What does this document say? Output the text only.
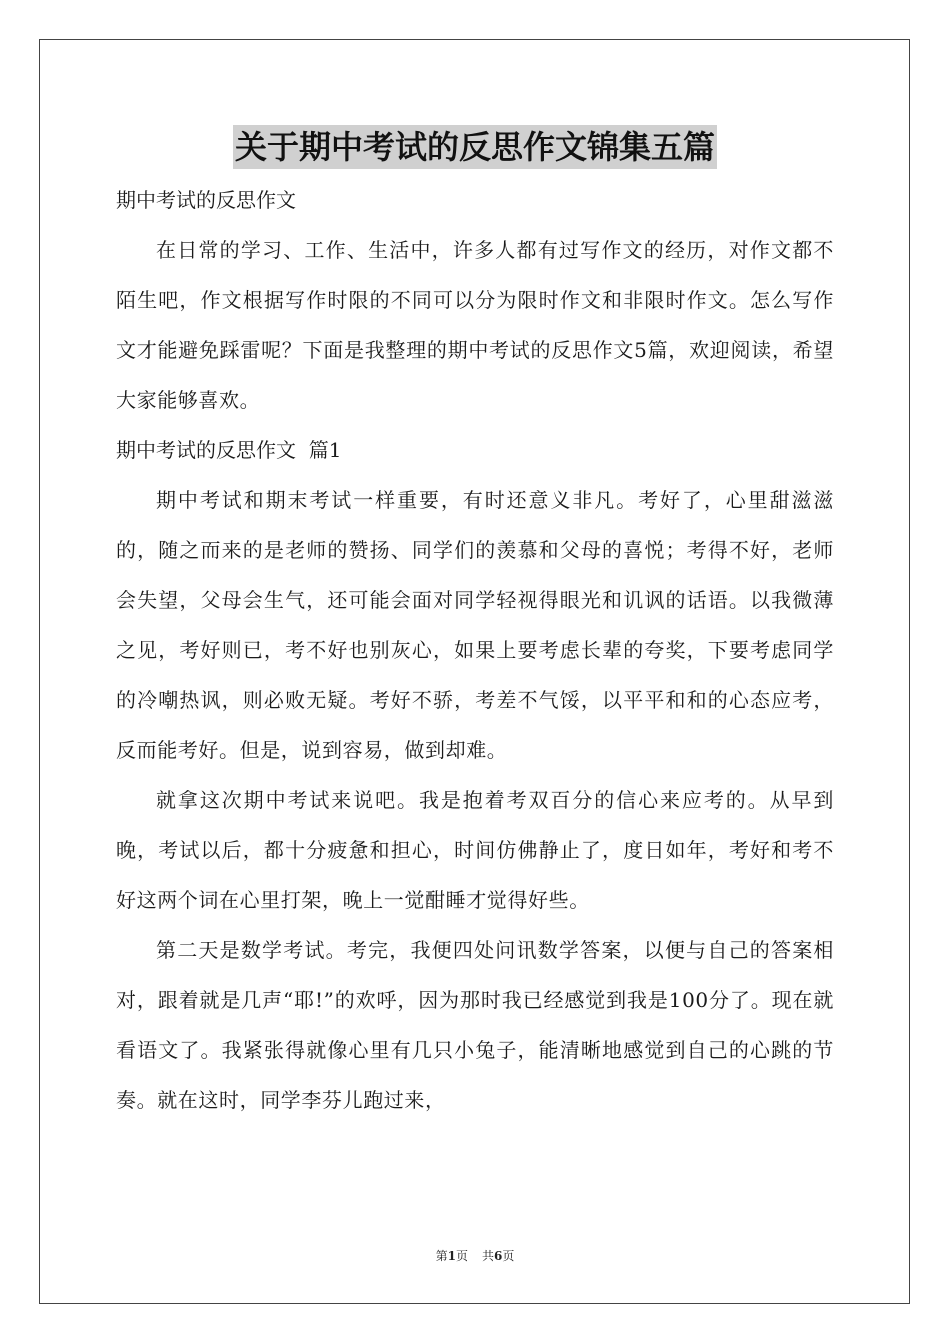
关于期中考试的反思作文锦集五篇

期中考试的反思作文

在日常的学习、工作、生活中，许多人都有过写作文的经历，对作文都不陌生吧，作文根据写作时限的不同可以分为限时作文和非限时作文。怎么写作文才能避免踩雷呢？下面是我整理的期中考试的反思作文5篇，欢迎阅读，希望大家能够喜欢。

期中考试的反思作文  篇1

期中考试和期末考试一样重要，有时还意义非凡。考好了，心里甜滋滋的，随之而来的是老师的赞扬、同学们的羡慕和父母的喜悦；考得不好，老师会失望，父母会生气，还可能会面对同学轻视得眼光和讥讽的话语。以我微薄之见，考好则已，考不好也别灰心，如果上要考虑长辈的夸奖，下要考虑同学的冷嘲热讽，则必败无疑。考好不骄，考差不气馁，以平平和和的心态应考，反而能考好。但是，说到容易，做到却难。

就拿这次期中考试来说吧。我是抱着考双百分的信心来应考的。从早到晚，考试以后，都十分疲惫和担心，时间仿佛静止了，度日如年，考好和考不好这两个词在心里打架，晚上一觉酣睡才觉得好些。

第二天是数学考试。考完，我便四处问讯数学答案，以便与自己的答案相对，跟着就是几声“耶!”的欢呼，因为那时我已经感觉到我是100分了。现在就看语文了。我紧张得就像心里有几只小兔子，能清晰地感觉到自己的心跳的节奏。就在这时，同学李芬儿跑过来，

第1页 共6页
